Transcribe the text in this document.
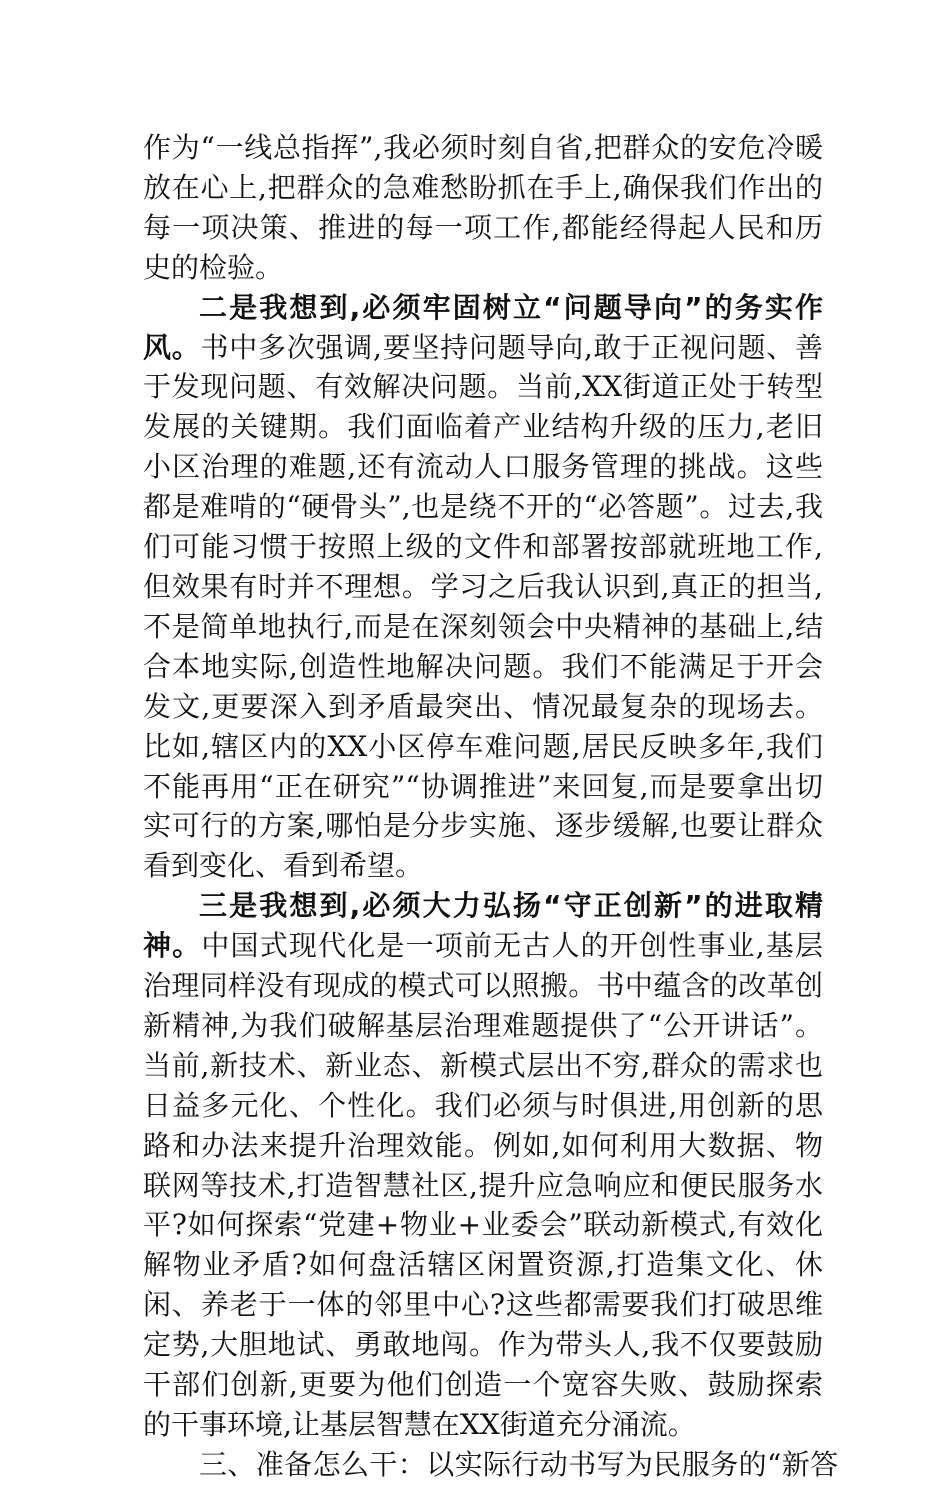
作为“一线总指挥”,我必须时刻自省,把群众的安危冷暖放在心上,把群众的急难愁盼抓在手上,确保我们作出的每一项决策、推进的每一项工作,都能经得起人民和历史的检验。

二是我想到,必须牢固树立“问题导向”的务实作风。书中多次强调,要坚持问题导向,敢于正视问题、善于发现问题、有效解决问题。当前,XX街道正处于转型发展的关键期。我们面临着产业结构升级的压力,老旧小区治理的难题,还有流动人口服务管理的挑战。这些都是难啃的“硬骨头”,也是绕不开的“必答题”。过去,我们可能习惯于按照上级的文件和部署按部就班地工作,但效果有时并不理想。学习之后我认识到,真正的担当,不是简单地执行,而是在深刻领会中央精神的基础上,结合本地实际,创造性地解决问题。我们不能满足于开会发文,更要深入到矛盾最突出、情况最复杂的现场去。比如,辖区内的XX小区停车难问题,居民反映多年,我们不能再用“正在研究”“协调推进”来回复,而是要拿出切实可行的方案,哪怕是分步实施、逐步缓解,也要让群众看到变化、看到希望。

三是我想到,必须大力弘扬“守正创新”的进取精神。中国式现代化是一项前无古人的开创性事业,基层治理同样没有现成的模式可以照搬。书中蕴含的改革创新精神,为我们破解基层治理难题提供了“公开讲话”。当前,新技术、新业态、新模式层出不穷,群众的需求也日益多元化、个性化。我们必须与时俱进,用创新的思路和办法来提升治理效能。例如,如何利用大数据、物联网等技术,打造智慧社区,提升应急响应和便民服务水平?如何探索“党建+物业+业委会”联动新模式,有效化解物业矛盾?如何盘活辖区闲置资源,打造集文化、休闲、养老于一体的邻里中心?这些都需要我们打破思维定势,大胆地试、勇敢地闯。作为带头人,我不仅要鼓励干部们创新,更要为他们创造一个宽容失败、鼓励探索的干事环境,让基层智慧在XX街道充分涌流。

三、准备怎么干：以实际行动书写为民服务的“新答
